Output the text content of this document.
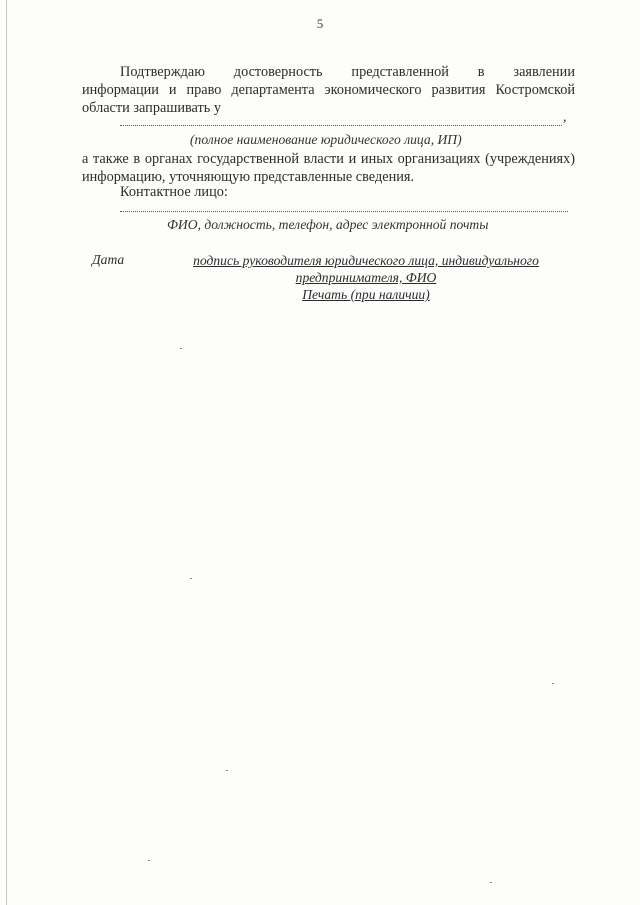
5
Подтверждаю достоверность представленной в заявлении
информации и право департамента экономического развития Костромской области запрашивать у
,
(полное наименование юридического лица, ИП)
а также в органах государственной власти и иных организациях (учреждениях) информацию, уточняющую представленные сведения.
Контактное лицо:
ФИО, должность, телефон, адрес электронной почты
Дата	подпись руководителя юридического лица, индивидуального
предпринимателя, ФИО
Печать (при наличии)
